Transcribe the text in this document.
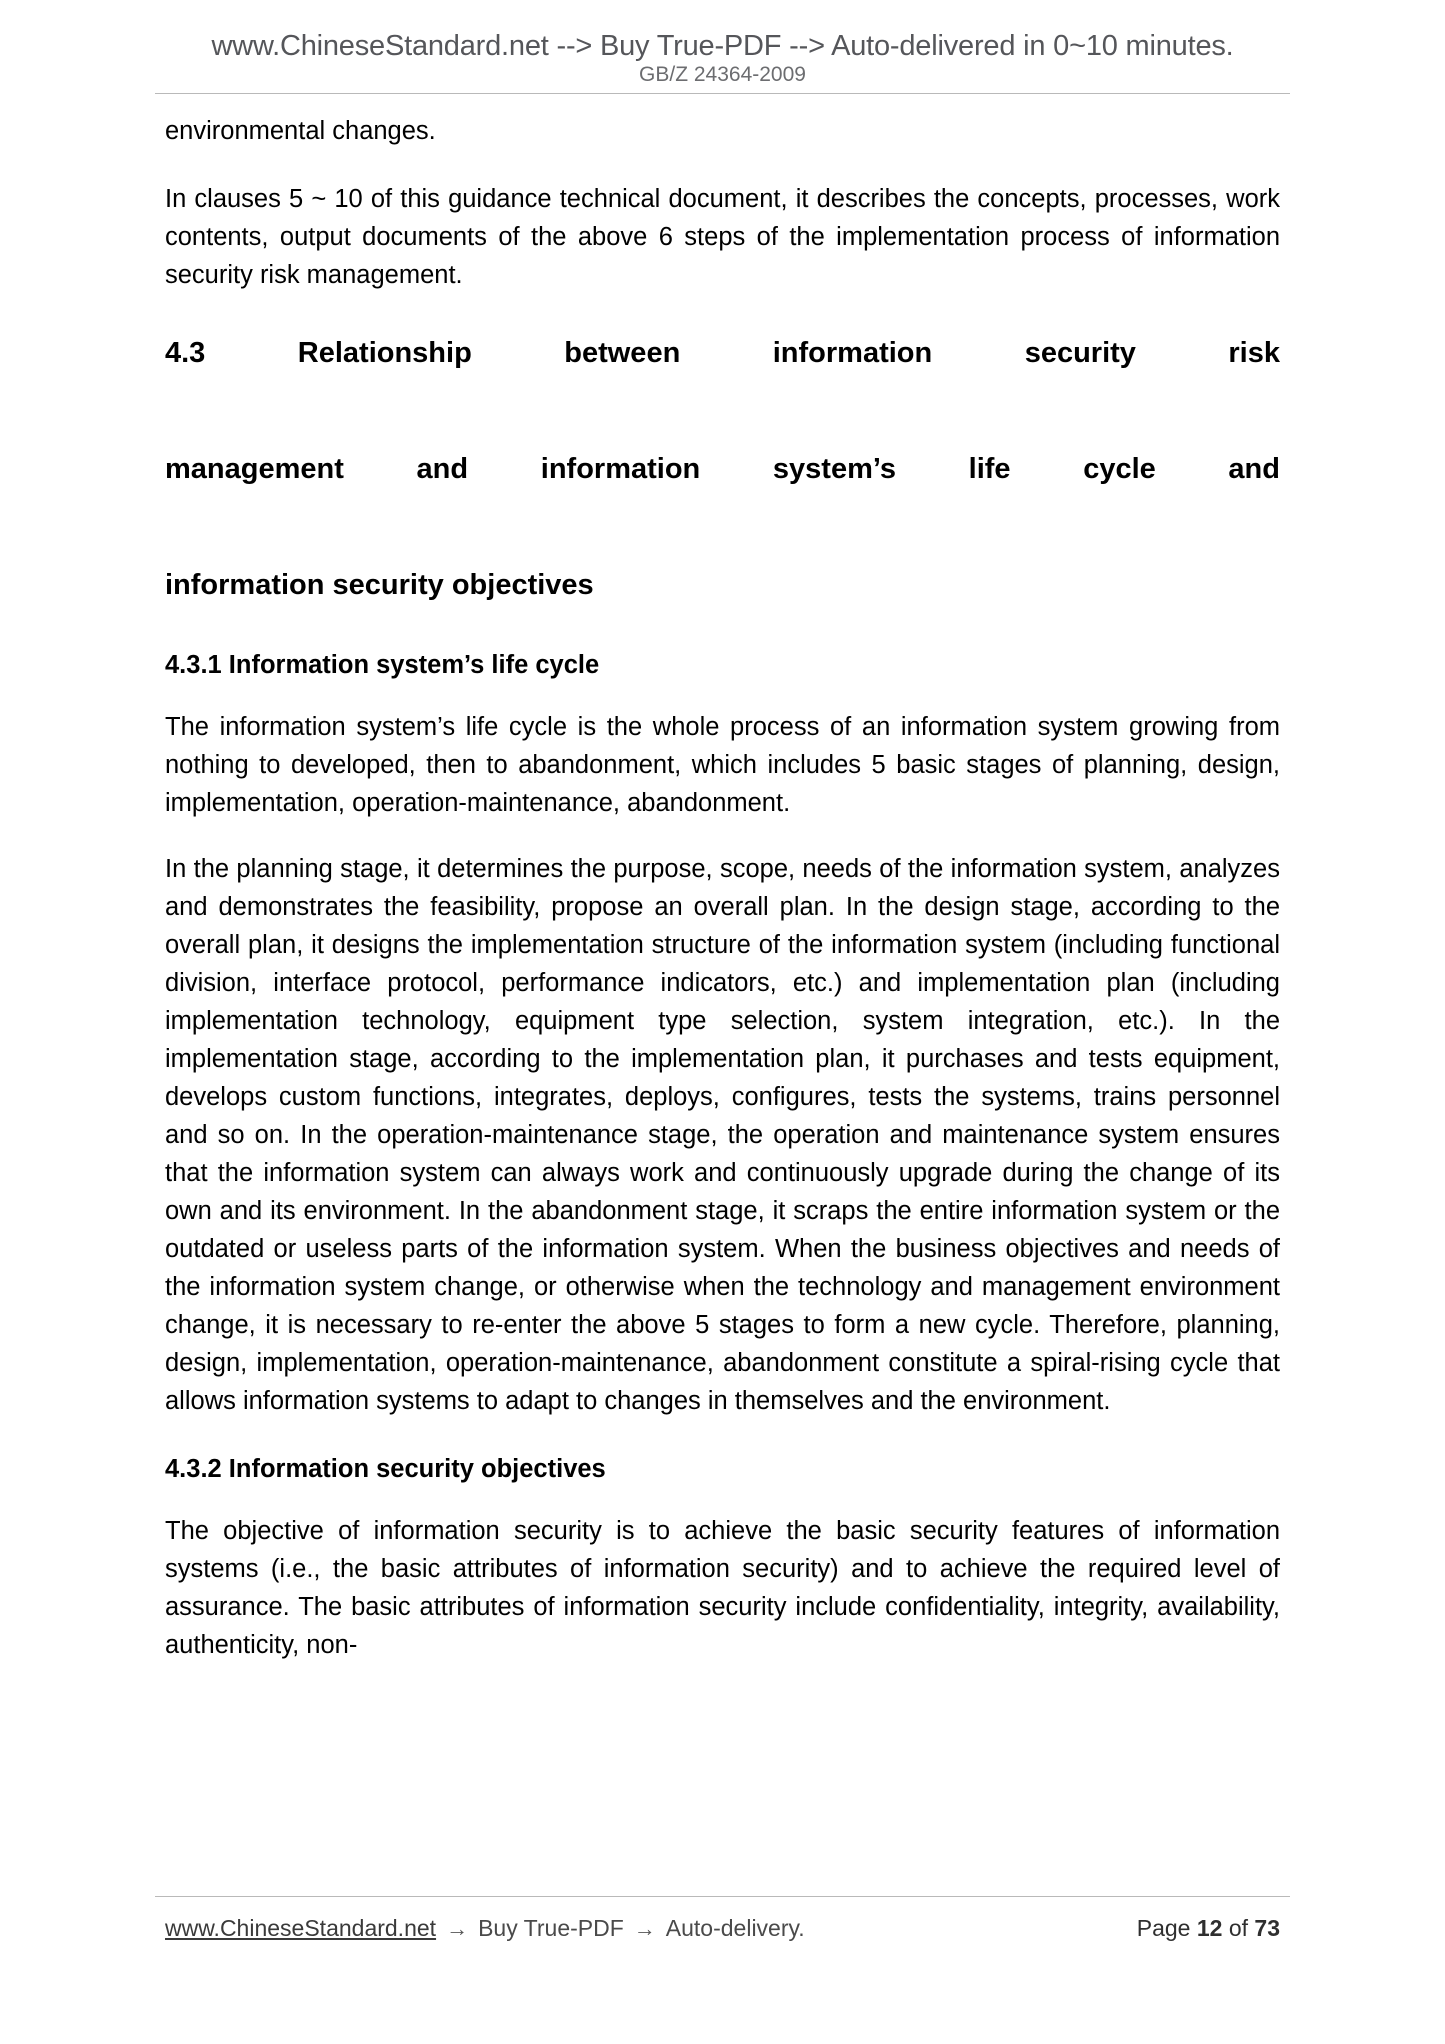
www.ChineseStandard.net --> Buy True-PDF --> Auto-delivered in 0~10 minutes.
GB/Z 24364-2009

environmental changes.

In clauses 5 ~ 10 of this guidance technical document, it describes the concepts, processes, work contents, output documents of the above 6 steps of the implementation process of information security risk management.

4.3 Relationship between information security risk
management and information system’s life cycle and
information security objectives
4.3.1 Information system’s life cycle

The information system’s life cycle is the whole process of an information system growing from nothing to developed, then to abandonment, which includes 5 basic stages of planning, design, implementation, operation-maintenance, abandonment.

In the planning stage, it determines the purpose, scope, needs of the information system, analyzes and demonstrates the feasibility, propose an overall plan. In the design stage, according to the overall plan, it designs the implementation structure of the information system (including functional division, interface protocol, performance indicators, etc.) and implementation plan (including implementation technology, equipment type selection, system integration, etc.). In the implementation stage, according to the implementation plan, it purchases and tests equipment, develops custom functions, integrates, deploys, configures, tests the systems, trains personnel and so on. In the operation-maintenance stage, the operation and maintenance system ensures that the information system can always work and continuously upgrade during the change of its own and its environment. In the abandonment stage, it scraps the entire information system or the outdated or useless parts of the information system. When the business objectives and needs of the information system change, or otherwise when the technology and management environment change, it is necessary to re-enter the above 5 stages to form a new cycle. Therefore, planning, design, implementation, operation-maintenance, abandonment constitute a spiral-rising cycle that allows information systems to adapt to changes in themselves and the environment.

4.3.2 Information security objectives

The objective of information security is to achieve the basic security features of information systems (i.e., the basic attributes of information security) and to achieve the required level of assurance. The basic attributes of information security include confidentiality, integrity, availability, authenticity, non-

www.ChineseStandard.net → Buy True-PDF → Auto-delivery.	Page 12 of 73
